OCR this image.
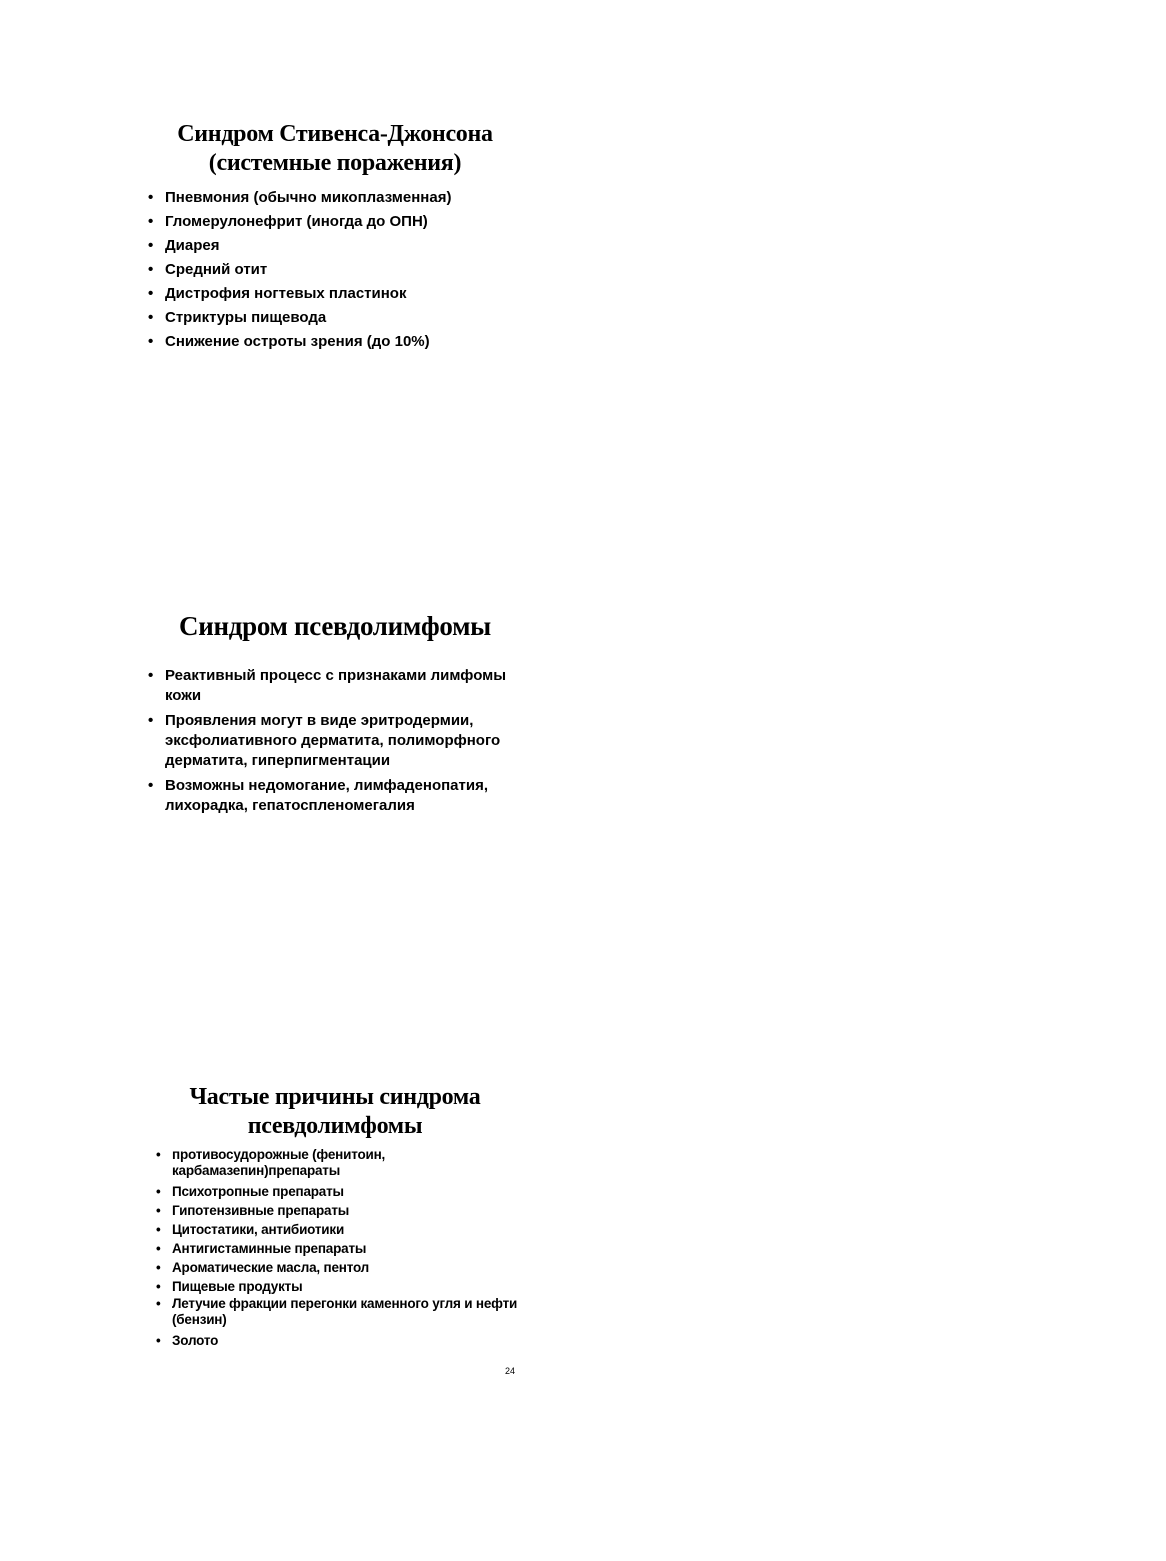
Синдром Стивенса-Джонсона
(системные поражения)
• Пневмония (обычно микоплазменная)
• Гломерулонефрит (иногда до ОПН)
• Диарея
• Средний отит
• Дистрофия ногтевых пластинок
• Стриктуры пищевода
• Снижение остроты зрения (до 10%)
Синдром псевдолимфомы
• Реактивный процесс с признаками лимфомы кожи
• Проявления могут в виде эритродермии, эксфолиативного дерматита, полиморфного дерматита, гиперпигментации
• Возможны недомогание, лимфаденопатия, лихорадка, гепатоспленомегалия
Частые причины синдрома
псевдолимфомы
• противосудорожные (фенитоин, карбамазепин)препараты
• Психотропные препараты
• Гипотензивные препараты
• Цитостатики, антибиотики
• Антигистаминные препараты
• Ароматические масла, пентол
• Пищевые продукты
• Летучие фракции перегонки каменного угля и нефти (бензин)
• Золото
24
